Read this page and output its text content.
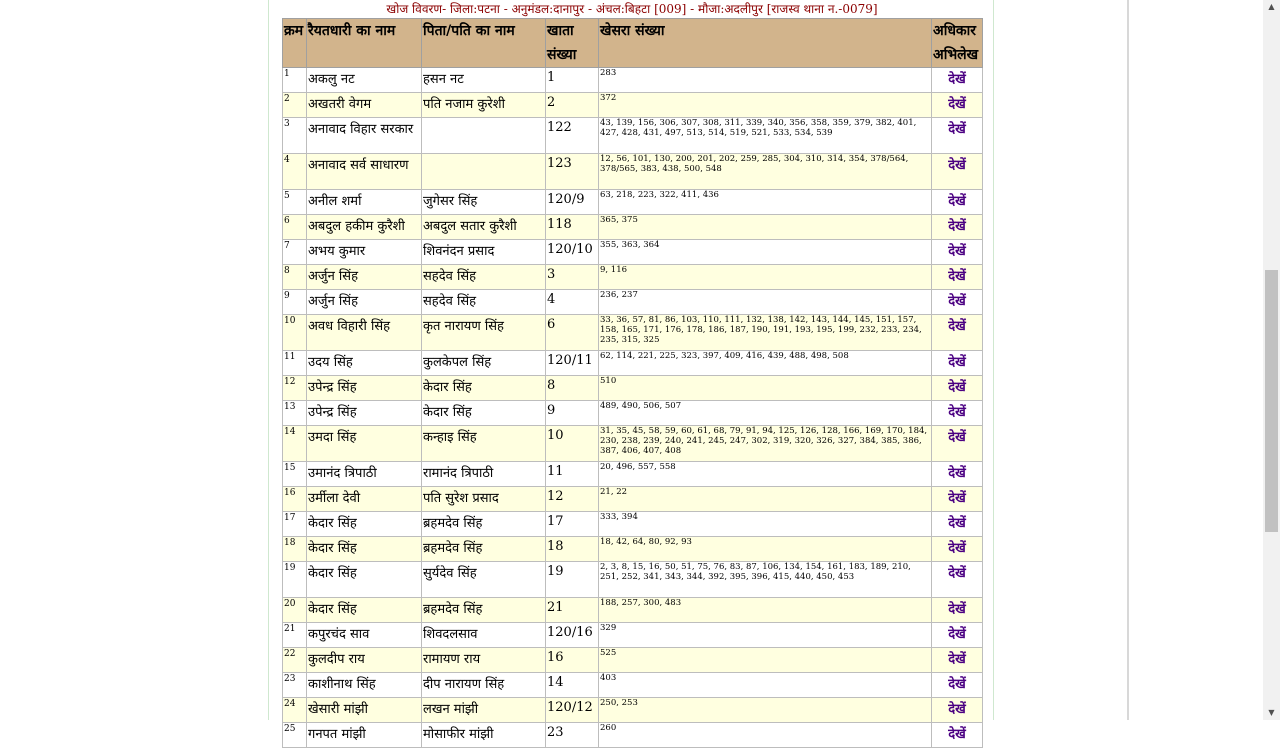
खोज विवरण- जिला:पटना - अनुमंडल:दानापुर - अंचल:बिहटा [009] - मौजा:अदलीपुर [राजस्व थाना न.-0079]
क्रम	रैयतधारी का नाम	पिता/पति का नाम	खाता संख्या	खेसरा संख्या	अधिकार अभिलेख
1	अकलु नट	हसन नट	1	283	देखें
2	अखतरी वेगम	पति नजाम कुरेशी	2	372	देखें
3	अनावाद विहार सरकार		122	43, 139, 156, 306, 307, 308, 311, 339, 340, 356, 358, 359, 379, 382, 401, 427, 428, 431, 497, 513, 514, 519, 521, 533, 534, 539	देखें
4	अनावाद सर्व साधारण		123	12, 56, 101, 130, 200, 201, 202, 259, 285, 304, 310, 314, 354, 378/564, 378/565, 383, 438, 500, 548	देखें
5	अनील शर्मा	जुगेसर सिंह	120/9	63, 218, 223, 322, 411, 436	देखें
6	अबदुल हकीम कुरैशी	अबदुल सतार कुरैशी	118	365, 375	देखें
7	अभय कुमार	शिवनंदन प्रसाद	120/10	355, 363, 364	देखें
8	अर्जुन सिंह	सहदेव सिंह	3	9, 116	देखें
9	अर्जुन सिंह	सहदेव सिंह	4	236, 237	देखें
10	अवध विहारी सिंह	कृत नारायण सिंह	6	33, 36, 57, 81, 86, 103, 110, 111, 132, 138, 142, 143, 144, 145, 151, 157, 158, 165, 171, 176, 178, 186, 187, 190, 191, 193, 195, 199, 232, 233, 234, 235, 315, 325	देखें
11	उदय सिंह	कुलकेपल सिंह	120/11	62, 114, 221, 225, 323, 397, 409, 416, 439, 488, 498, 508	देखें
12	उपेन्द्र सिंह	केदार सिंह	8	510	देखें
13	उपेन्द्र सिंह	केदार सिंह	9	489, 490, 506, 507	देखें
14	उमदा सिंह	कन्हाइ सिंह	10	31, 35, 45, 58, 59, 60, 61, 68, 79, 91, 94, 125, 126, 128, 166, 169, 170, 184, 230, 238, 239, 240, 241, 245, 247, 302, 319, 320, 326, 327, 384, 385, 386, 387, 406, 407, 408	देखें
15	उमानंद त्रिपाठी	रामानंद त्रिपाठी	11	20, 496, 557, 558	देखें
16	उर्मीला देवी	पति सुरेश प्रसाद	12	21, 22	देखें
17	केदार सिंह	ब्रहमदेव सिंह	17	333, 394	देखें
18	केदार सिंह	ब्रहमदेव सिंह	18	18, 42, 64, 80, 92, 93	देखें
19	केदार सिंह	सुर्यदेव सिंह	19	2, 3, 8, 15, 16, 50, 51, 75, 76, 83, 87, 106, 134, 154, 161, 183, 189, 210, 251, 252, 341, 343, 344, 392, 395, 396, 415, 440, 450, 453	देखें
20	केदार सिंह	ब्रहमदेव सिंह	21	188, 257, 300, 483	देखें
21	कपुरचंद साव	शिवदलसाव	120/16	329	देखें
22	कुलदीप राय	रामायण राय	16	525	देखें
23	काशीनाथ सिंह	दीप नारायण सिंह	14	403	देखें
24	खेसारी मांझी	लखन मांझी	120/12	250, 253	देखें
25	गनपत मांझी	मोसाफीर मांझी	23	260	देखें
▲
▼
